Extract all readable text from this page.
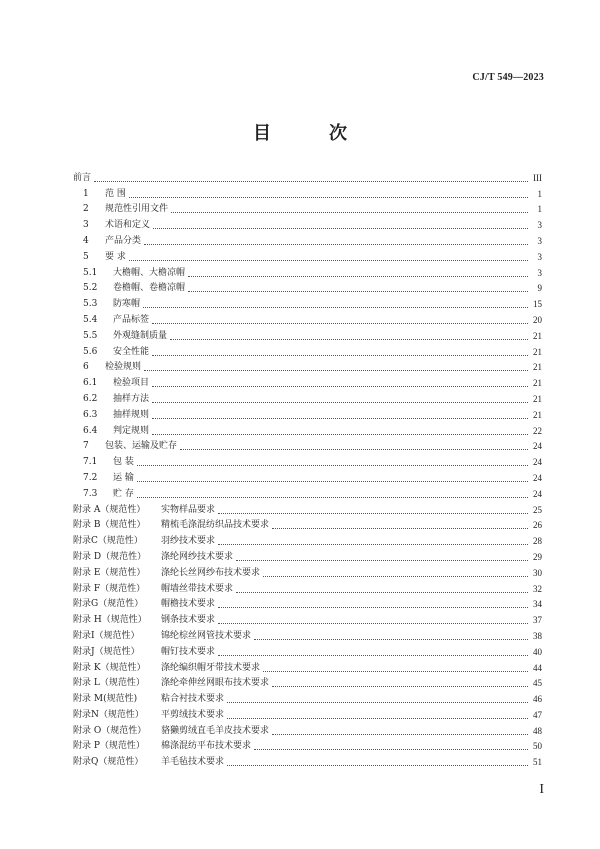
CJ/T 549—2023
目　次
前言	III
1	范 围	1
2	规范性引用文件	1
3	术语和定义	3
4	产品分类	3
5	要 求	3
5.1	大檐帽、大檐凉帽	3
5.2	卷檐帽、卷檐凉帽	9
5.3	防寒帽	15
5.4	产品标签	20
5.5	外观缝制质量	21
5.6	安全性能	21
6	检验规则	21
6.1	检验项目	21
6.2	抽样方法	21
6.3	抽样规则	21
6.4	判定规则	22
7	包装、运输及贮存	24
7.1	包 装	24
7.2	运 输	24
7.3	贮 存	24
附录 A（规范性）	实物样品要求	25
附录 B（规范性）	精梳毛涤混纺织品技术要求	26
附录C（规范性）	羽纱技术要求	28
附录 D（规范性）	涤纶网纱技术要求	29
附录 E（规范性）	涤纶长丝网纱布技术要求	30
附录 F（规范性）	帽墙丝带技术要求	32
附录G（规范性）	帽檐技术要求	34
附录 H（规范性）	钢条技术要求	37
附录I（规范性）	锦纶棕丝网管技术要求	38
附录J（规范性）	帽钉技术要求	40
附录 K（规范性）	涤纶编织帽牙带技术要求	44
附录 L（规范性）	涤纶牵伸丝网眼布技术要求	45
附录 M(规范性)	粘合衬技术要求	46
附录N（规范性）	平剪绒技术要求	47
附录 O（规范性）	貉獭剪绒直毛羊皮技术要求	48
附录 P（规范性）	棉涤混纺平布技术要求	50
附录Q（规范性）	羊毛毡技术要求	51
I
